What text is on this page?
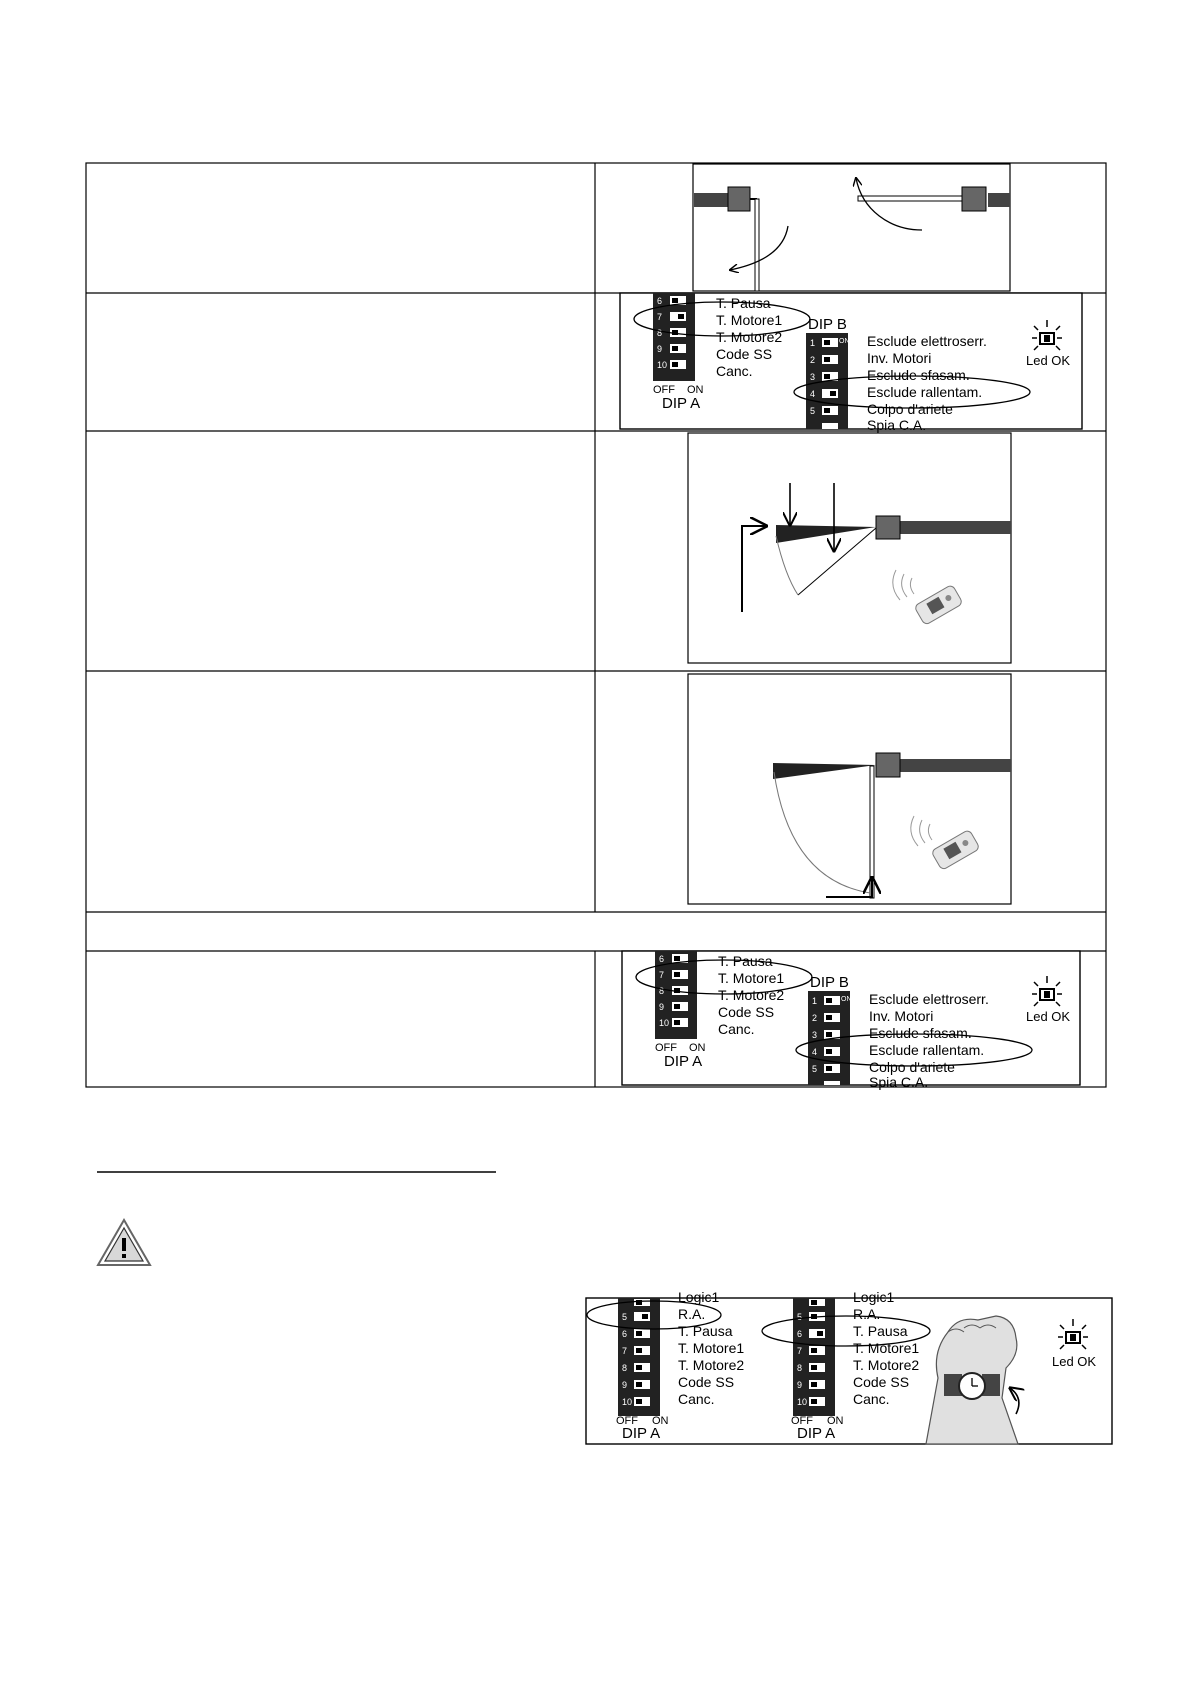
6
7
8
9
10
T. Pausa
T. Motore1
T. Motore2
Code SS
Canc.
OFF ON
DIP A
DIP B
1
2
3
4
5
ON Esclude elettroserr.
Inv. Motori
Esclude sfasam.
Esclude rallentam.
Colpo d'ariete
Spia C.A.
Led OK
6
7
8
9
10
T. Pausa
T. Motore1
T. Motore2
Code SS
Canc.
OFF ON
DIP A
DIP B
1
2
3
4
5
ON Esclude elettroserr.
Inv. Motori
Esclude sfasam.
Esclude rallentam.
Colpo d'ariete
Spia C.A.
Led OK
5
6
7
8
9
10
Logic1
R.A.
T. Pausa
T. Motore1
T. Motore2
Code SS
Canc.
OFF ON
DIP A
5
6
7
8
9
10
Logic1
R.A.
T. Pausa
T. Motore1
T. Motore2
Code SS
Canc.
OFF ON
DIP A
Led OK
